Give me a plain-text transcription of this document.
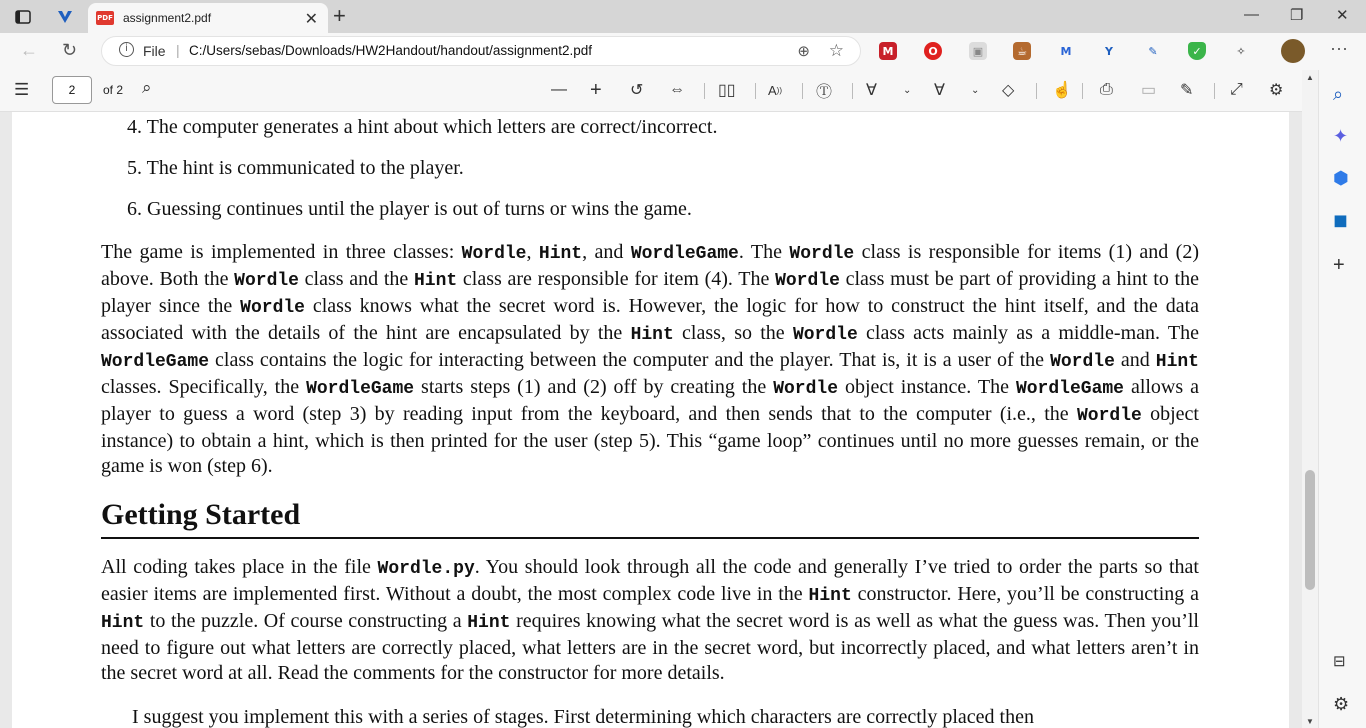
PDF assignment2.pdf	✕ +	— ❐ ✕
← ↻	i	File | C:/Users/sebas/Downloads/HW2Handout/handout/assignment2.pdf	⊕ ☆	M	O	▣	☕	M	Y	✎	✓	✧	···
☰	2	of 2 ⌕	— + ↺ ⇔ ▯▯ A )) Ⓣ ∀	⌄ ∀	⌄ ◇ ☝ ⎙ ▭ ✎ ⤢ ⚙
4. The computer generates a hint about which letters are correct/incorrect.
5. The hint is communicated to the player.
6. Guessing continues until the player is out of turns or wins the game.
The game is implemented in three classes: Wordle, Hint, and WordleGame. The Wordle class is responsible for items (1) and (2) above. Both the Wordle class and the Hint class are responsible for item (4). The Wordle class must be part of providing a hint to the player since the Wordle class knows what the secret word is. However, the logic for how to construct the hint itself, and the data associated with the details of the hint are encapsulated by the Hint class, so the Wordle class acts mainly as a middle-man. The WordleGame class contains the logic for interacting between the computer and the player. That is, it is a user of the Wordle and Hint classes. Specifically, the WordleGame starts steps (1) and (2) off by creating the Wordle object instance. The WordleGame allows a player to guess a word (step 3) by reading input from the keyboard, and then sends that to the computer (i.e., the Wordle object instance) to obtain a hint, which is then printed for the user (step 5). This “game loop” continues until no more guesses remain, or the game is won (step 6).
Getting Started
All coding takes place in the file Wordle.py. You should look through all the code and generally I’ve tried to order the parts so that easier items are implemented first. Without a doubt, the most complex code live in the Hint constructor. Here, you’ll be constructing a Hint to the puzzle. Of course constructing a Hint requires knowing what the secret word is as well as what the guess was. Then you’ll need to figure out what letters are correctly placed, what letters are in the secret word, but incorrectly placed, and what letters aren’t in the secret word at all. Read the comments for the constructor for more details.
I suggest you implement this with a series of stages. First determining which characters are correctly placed then
▲
▼
⌕
✦
⬢
◼
+
⊟
⚙
